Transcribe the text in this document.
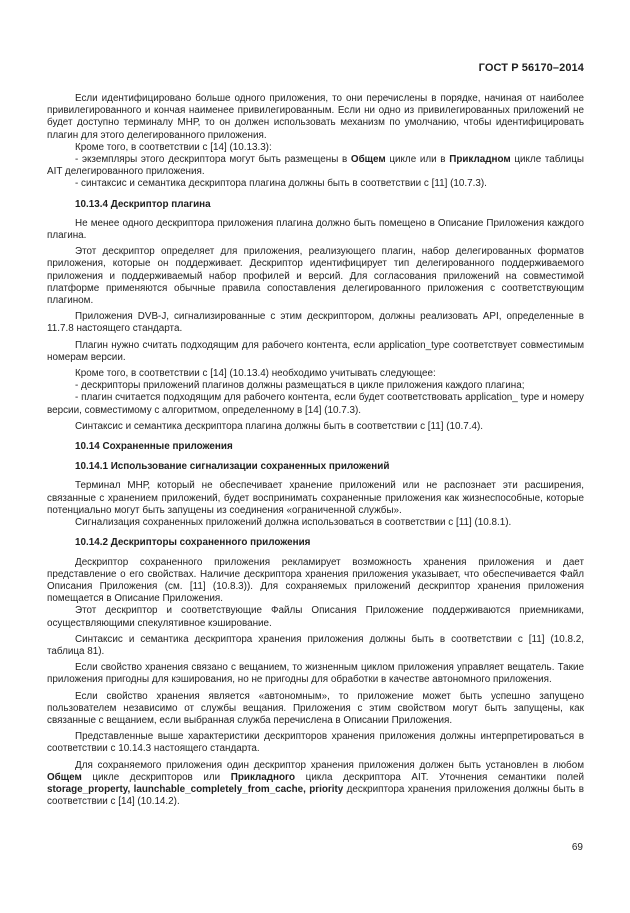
ГОСТ Р 56170–2014

Если идентифицировано больше одного приложения, то они перечислены в порядке, начиная от наиболее привилегированного и кончая наименее привилегированным. Если ни одно из привилегированных приложений не будет доступно терминалу МНР, то он должен использовать механизм по умолчанию, чтобы идентифицировать плагин для этого делегированного приложения.

Кроме того, в соответствии с [14] (10.13.3):

- экземпляры этого дескриптора могут быть размещены в Общем цикле или в Прикладном цикле таблицы AIT делегированного приложения.

- синтаксис и семантика дескриптора плагина должны быть в соответствии с [11] (10.7.3).

10.13.4 Дескриптор плагина

Не менее одного дескриптора приложения плагина должно быть помещено в Описание Приложения каждого плагина.

Этот дескриптор определяет для приложения, реализующего плагин, набор делегированных форматов приложения, которые он поддерживает. Дескриптор идентифицирует тип делегированного поддерживаемого приложения и поддерживаемый набор профилей и версий. Для согласования приложений на совместимой платформе применяются обычные правила сопоставления делегированного приложения с соответствующим плагином.

Приложения DVB-J, сигнализированные с этим дескриптором, должны реализовать API, определенные в 11.7.8 настоящего стандарта.

Плагин нужно считать подходящим для рабочего контента, если application_type соответствует совместимым номерам версии.

Кроме того, в соответствии с [14] (10.13.4) необходимо учитывать следующее:

- дескрипторы приложений плагинов должны размещаться в цикле приложения каждого плагина;

- плагин считается подходящим для рабочего контента, если будет соответствовать application_ type и номеру версии, совместимому с алгоритмом, определенному в [14] (10.7.3).

Синтаксис и семантика дескриптора плагина должны быть в соответствии с [11] (10.7.4).

10.14 Сохраненные приложения
10.14.1 Использование сигнализации сохраненных приложений

Терминал МНР, который не обеспечивает хранение приложений или не распознает эти расширения, связанные с хранением приложений, будет воспринимать сохраненные приложения как жизнеспособные, которые потенциально могут быть запущены из соединения «ограниченной службы».

Сигнализация сохраненных приложений должна использоваться в соответствии с [11] (10.8.1).

10.14.2 Дескрипторы сохраненного приложения

Дескриптор сохраненного приложения рекламирует возможность хранения приложения и дает представление о его свойствах. Наличие дескриптора хранения приложения указывает, что обеспечивается Файл Описания Приложения (см. [11] (10.8.3)). Для сохраняемых приложений дескриптор хранения приложения помещается в Описание Приложения.

Этот дескриптор и соответствующие Файлы Описания Приложение поддерживаются приемниками, осуществляющими спекулятивное кэширование.

Синтаксис и семантика дескриптора хранения приложения должны быть в соответствии с [11] (10.8.2, таблица 81).

Если свойство хранения связано с вещанием, то жизненным циклом приложения управляет вещатель. Такие приложения пригодны для кэширования, но не пригодны для обработки в качестве автономного приложения.

Если свойство хранения является «автономным», то приложение может быть успешно запущено пользователем независимо от службы вещания. Приложения с этим свойством могут быть запущены, как связанные с вещанием, если выбранная служба перечислена в Описании Приложения.

Представленные выше характеристики дескрипторов хранения приложения должны интерпретироваться в соответствии с 10.14.3 настоящего стандарта.

Для сохраняемого приложения один дескриптор хранения приложения должен быть установлен в любом Общем цикле дескрипторов или Прикладного цикла дескриптора AIT. Уточнения семантики полей storage_property, launchable_completely_from_cache, priority дескриптора хранения приложения должны быть в соответствии с [14] (10.14.2).

69
